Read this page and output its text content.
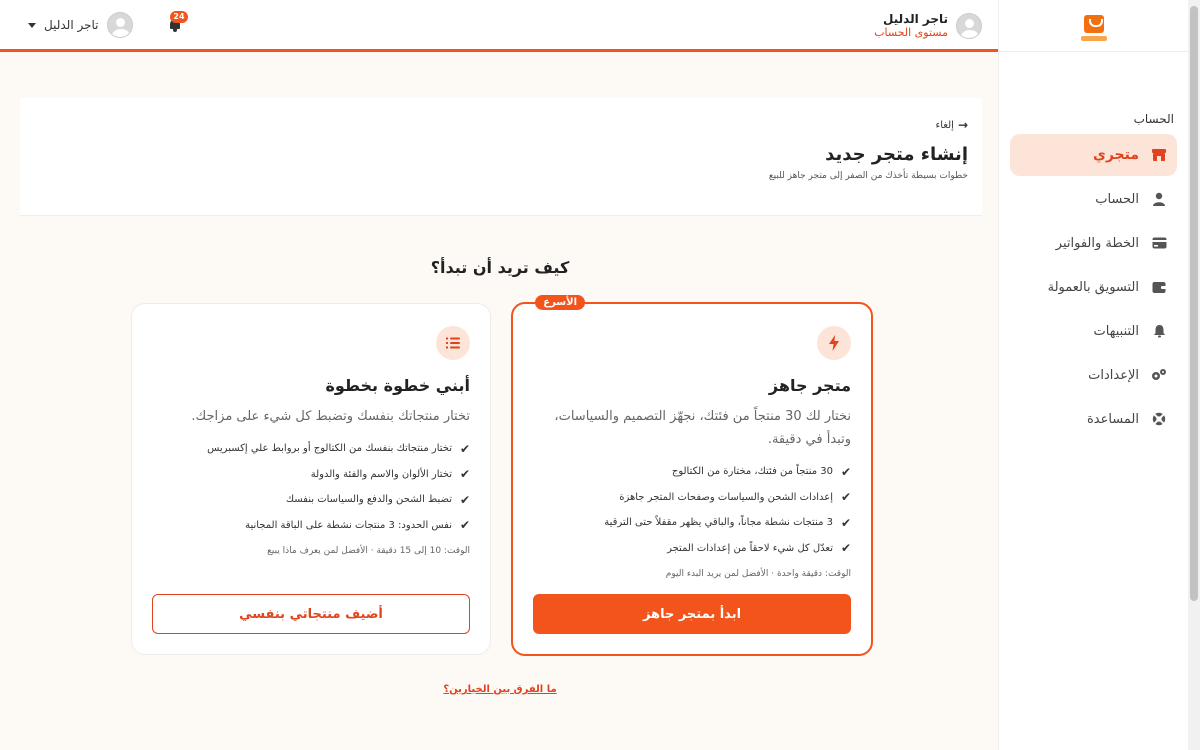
تاجر الدليل
مستوى الحساب
تاجر الدليل
24
الحساب
متجري
الحساب
الخطة والفواتير
التسويق بالعمولة
التنبيهات
الإعدادات
المساعدة
→
إلغاء
إنشاء متجر جديد
خطوات بسيطة تأخذك من الصفر إلى متجر جاهز للبيع
كيف تريد أن تبدأ؟
الأسرع
متجر جاهز
نختار لك 30 منتجاً من فئتك، نجهّز التصميم والسياسات، وتبدأ في دقيقة.
✔
30 منتجاً من فئتك، مختارة من الكتالوج
✔
إعدادات الشحن والسياسات وصفحات المتجر جاهزة
✔
3 منتجات نشطة مجاناً، والباقي يظهر مقفلاً حتى الترقية
✔
تعدّل كل شيء لاحقاً من إعدادات المتجر
الوقت: دقيقة واحدة · الأفضل لمن يريد البدء اليوم
ابدأ بمتجر جاهز
أبني خطوة بخطوة
تختار منتجاتك بنفسك وتضبط كل شيء على مزاجك.
✔
تختار منتجاتك بنفسك من الكتالوج أو بروابط علي إكسبريس
✔
تختار الألوان والاسم والفئة والدولة
✔
تضبط الشحن والدفع والسياسات بنفسك
✔
نفس الحدود: 3 منتجات نشطة على الباقة المجانية
الوقت: 10 إلى 15 دقيقة · الأفضل لمن يعرف ماذا يبيع
أضيف منتجاتي بنفسي
ما الفرق بين الخيارين؟
